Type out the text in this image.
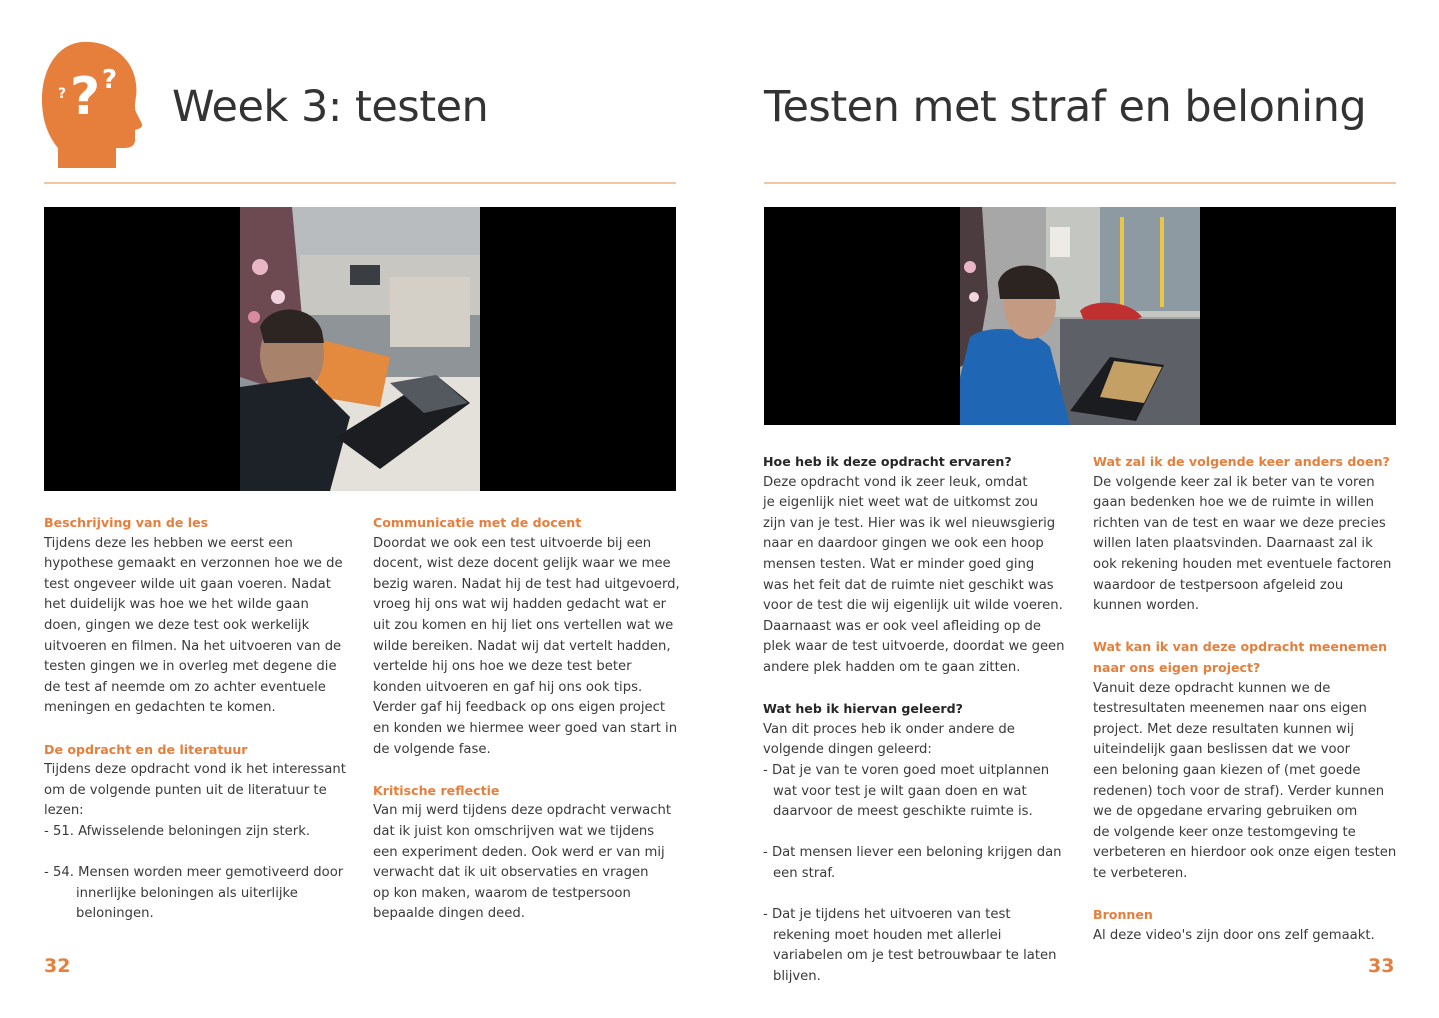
? ?
? Week 3: testen

Beschrijving van de les

Tijdens deze les hebben we eerst een

hypothese gemaakt en verzonnen hoe we de

test ongeveer wilde uit gaan voeren. Nadat

het duidelijk was hoe we het wilde gaan

doen, gingen we deze test ook werkelijk

uitvoeren en filmen. Na het uitvoeren van de

testen gingen we in overleg met degene die

de test af neemde om zo achter eventuele

meningen en gedachten te komen.

De opdracht en de literatuur

Tijdens deze opdracht vond ik het interessant

om de volgende punten uit de literatuur te

lezen:

- 51. Afwisselende beloningen zijn sterk.

- 54. Mensen worden meer gemotiveerd door innerlijke beloningen als uiterlijke beloningen.

Communicatie met de docent

Doordat we ook een test uitvoerde bij een

docent, wist deze docent gelijk waar we mee

bezig waren. Nadat hij de test had uitgevoerd,

vroeg hij ons wat wij hadden gedacht wat er

uit zou komen en hij liet ons vertellen wat we

wilde bereiken. Nadat wij dat vertelt hadden,

vertelde hij ons hoe we deze test beter

konden uitvoeren en gaf hij ons ook tips.

Verder gaf hij feedback op ons eigen project

en konden we hiermee weer goed van start in

de volgende fase.

Kritische reflectie

Van mij werd tijdens deze opdracht verwacht

dat ik juist kon omschrijven wat we tijdens

een experiment deden. Ook werd er van mij

verwacht dat ik uit observaties en vragen

op kon maken, waarom de testpersoon

bepaalde dingen deed.

32
Testen met straf en beloning

Hoe heb ik deze opdracht ervaren?

Deze opdracht vond ik zeer leuk, omdat

je eigenlijk niet weet wat de uitkomst zou

zijn van je test. Hier was ik wel nieuwsgierig

naar en daardoor gingen we ook een hoop

mensen testen. Wat er minder goed ging

was het feit dat de ruimte niet geschikt was

voor de test die wij eigenlijk uit wilde voeren.

Daarnaast was er ook veel afleiding op de

plek waar de test uitvoerde, doordat we geen

andere plek hadden om te gaan zitten.

Wat heb ik hiervan geleerd?

Van dit proces heb ik onder andere de

volgende dingen geleerd:

- Dat je van te voren goed moet uitplannen wat voor test je wilt gaan doen en wat daarvoor de meest geschikte ruimte is.

- Dat mensen liever een beloning krijgen dan een straf.

- Dat je tijdens het uitvoeren van test rekening moet houden met allerlei variabelen om je test betrouwbaar te laten blijven.

Wat zal ik de volgende keer anders doen?

De volgende keer zal ik beter van te voren

gaan bedenken hoe we de ruimte in willen

richten van de test en waar we deze precies

willen laten plaatsvinden. Daarnaast zal ik

ook rekening houden met eventuele factoren

waardoor de testpersoon afgeleid zou

kunnen worden.

Wat kan ik van deze opdracht meenemen

naar ons eigen project?

Vanuit deze opdracht kunnen we de

testresultaten meenemen naar ons eigen

project. Met deze resultaten kunnen wij

uiteindelijk gaan beslissen dat we voor

een beloning gaan kiezen of (met goede

redenen) toch voor de straf). Verder kunnen

we de opgedane ervaring gebruiken om

de volgende keer onze testomgeving te

verbeteren en hierdoor ook onze eigen testen

te verbeteren.

Bronnen

Al deze video's zijn door ons zelf gemaakt.

33
